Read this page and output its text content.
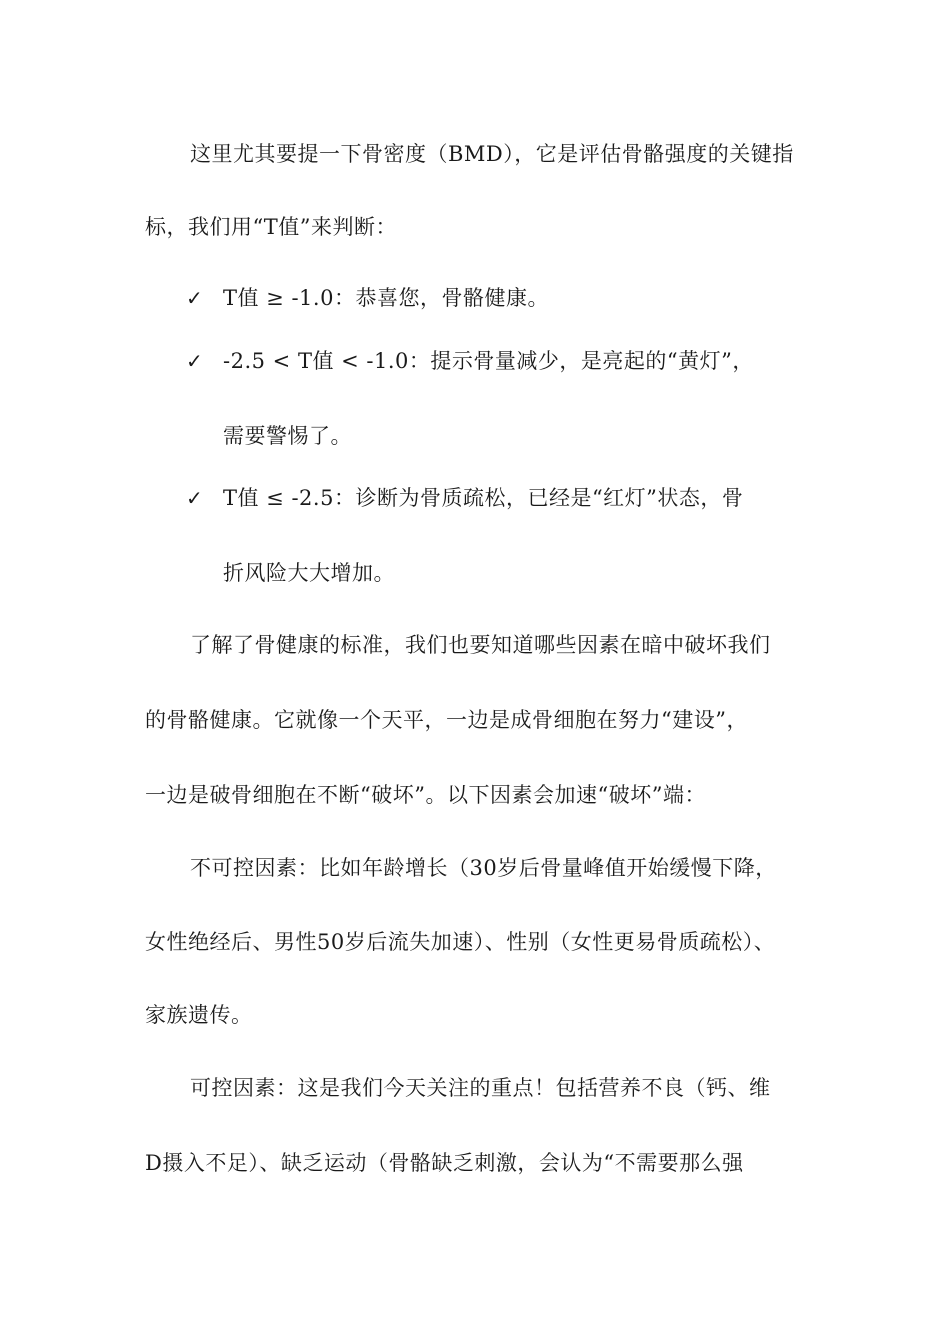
这里尤其要提一下骨密度（BMD），它是评估骨骼强度的关键指
标，我们用“T值”来判断：
✓ T值 ≥ -1.0：恭喜您，骨骼健康。
✓ -2.5 < T值 < -1.0：提示骨量减少，是亮起的“黄灯”，
需要警惕了。
✓ T值 ≤ -2.5：诊断为骨质疏松，已经是“红灯”状态，骨
折风险大大增加。
了解了骨健康的标准，我们也要知道哪些因素在暗中破坏我们
的骨骼健康。它就像一个天平，一边是成骨细胞在努力“建设”，
一边是破骨细胞在不断“破坏”。以下因素会加速“破坏”端：
不可控因素：比如年龄增长（30岁后骨量峰值开始缓慢下降，
女性绝经后、男性50岁后流失加速）、性别（女性更易骨质疏松）、
家族遗传。
可控因素：这是我们今天关注的重点！包括营养不良（钙、维
D摄入不足）、缺乏运动（骨骼缺乏刺激，会认为“不需要那么强
